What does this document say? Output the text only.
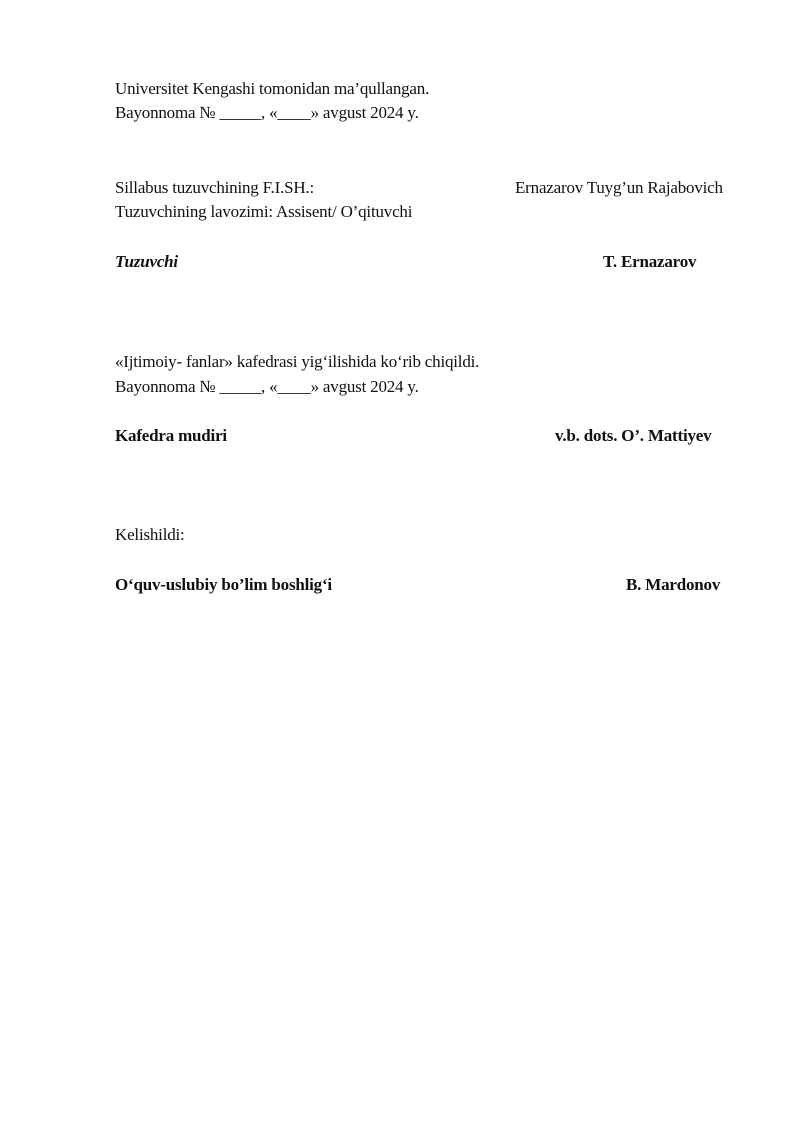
Universitet Kengashi tomonidan ma’qullangan.
Bayonnoma № _____, «____» avgust 2024 y.
Sillabus tuzuvchining F.I.SH.:	Ernazarov Tuyg’un Rajabovich
Tuzuvchining lavozimi: Assisent/ O’qituvchi
Tuzuvchi	T. Ernazarov
«Ijtimoiy- fanlar» kafedrasi yig‘ilishida ko‘rib chiqildi.
Bayonnoma № _____, «____» avgust 2024 y.
Kafedra mudiri	v.b. dots. O’. Mattiyev
Kelishildi:
O‘quv-uslubiy bo’lim boshlig‘i	B. Mardonov
